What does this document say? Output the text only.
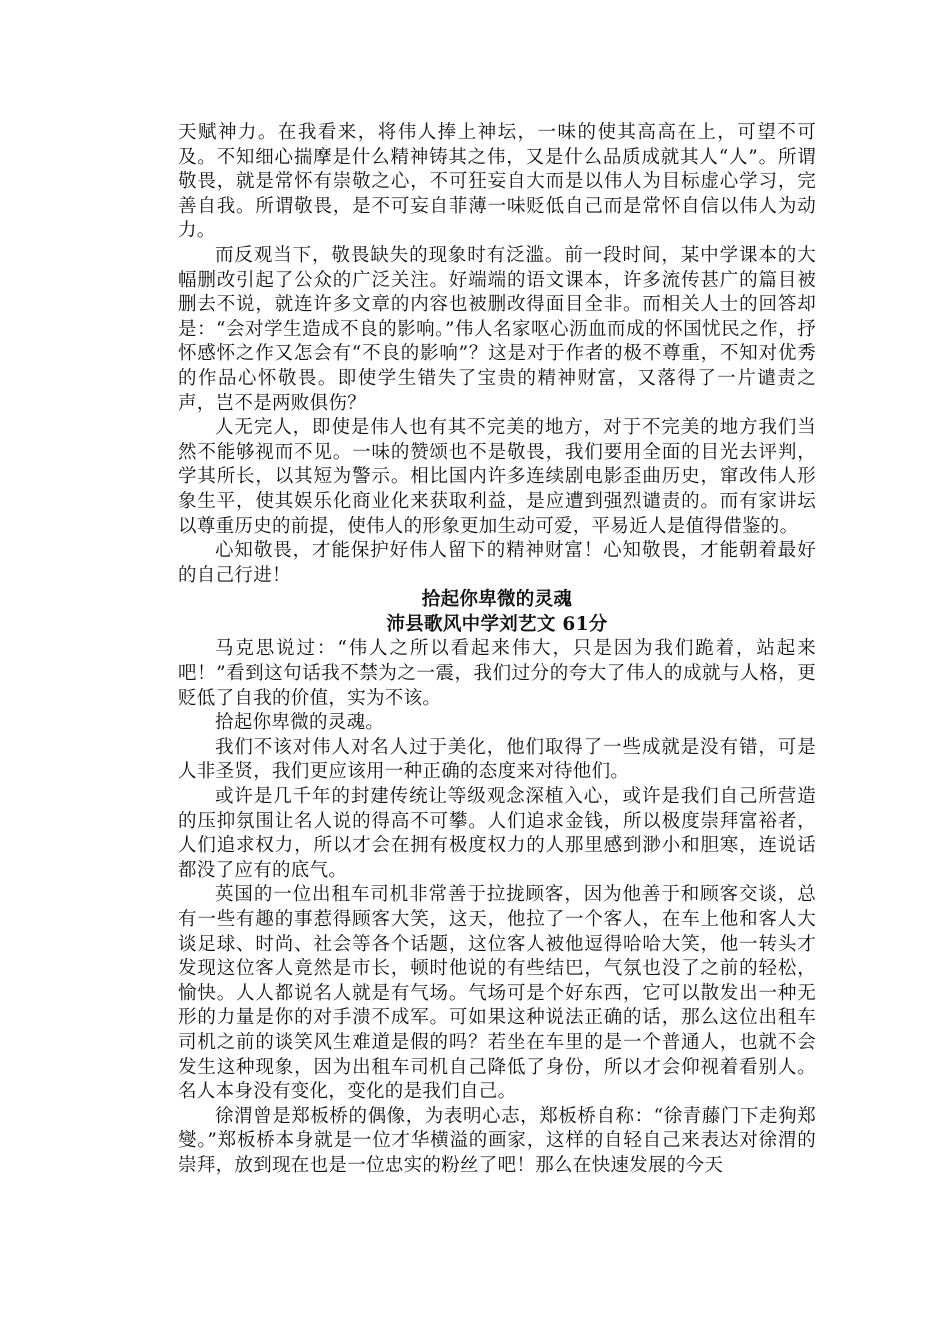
天赋神力。在我看来，将伟人捧上神坛，一味的使其高高在上，可望不可及。不知细心揣摩是什么精神铸其之伟，又是什么品质成就其人“人”。所谓敬畏，就是常怀有崇敬之心，不可狂妄自大而是以伟人为目标虚心学习，完善自我。所谓敬畏，是不可妄自菲薄一味贬低自己而是常怀自信以伟人为动力。

而反观当下，敬畏缺失的现象时有泛滥。前一段时间，某中学课本的大幅删改引起了公众的广泛关注。好端端的语文课本，许多流传甚广的篇目被删去不说，就连许多文章的内容也被删改得面目全非。而相关人士的回答却是：“会对学生造成不良的影响。”伟人名家呕心沥血而成的怀国忧民之作，抒怀感怀之作又怎会有“不良的影响”？这是对于作者的极不尊重，不知对优秀的作品心怀敬畏。即使学生错失了宝贵的精神财富，又落得了一片谴责之声，岂不是两败俱伤？

人无完人，即使是伟人也有其不完美的地方，对于不完美的地方我们当然不能够视而不见。一味的赞颂也不是敬畏，我们要用全面的目光去评判，学其所长，以其短为警示。相比国内许多连续剧电影歪曲历史，窜改伟人形象生平，使其娱乐化商业化来获取利益，是应遭到强烈谴责的。而有家讲坛以尊重历史的前提，使伟人的形象更加生动可爱，平易近人是值得借鉴的。

心知敬畏，才能保护好伟人留下的精神财富！心知敬畏，才能朝着最好的自己行进！

拾起你卑微的灵魂

沛县歌风中学刘艺文 61分

马克思说过：“伟人之所以看起来伟大，只是因为我们跪着，站起来吧！”看到这句话我不禁为之一震，我们过分的夸大了伟人的成就与人格，更贬低了自我的价值，实为不该。

拾起你卑微的灵魂。

我们不该对伟人对名人过于美化，他们取得了一些成就是没有错，可是人非圣贤，我们更应该用一种正确的态度来对待他们。

或许是几千年的封建传统让等级观念深植入心，或许是我们自己所营造的压抑氛围让名人说的得高不可攀。人们追求金钱，所以极度崇拜富裕者，人们追求权力，所以才会在拥有极度权力的人那里感到渺小和胆寒，连说话都没了应有的底气。

英国的一位出租车司机非常善于拉拢顾客，因为他善于和顾客交谈，总有一些有趣的事惹得顾客大笑，这天，他拉了一个客人，在车上他和客人大谈足球、时尚、社会等各个话题，这位客人被他逗得哈哈大笑，他一转头才发现这位客人竟然是市长，顿时他说的有些结巴，气氛也没了之前的轻松，愉快。人人都说名人就是有气场。气场可是个好东西，它可以散发出一种无形的力量是你的对手溃不成军。可如果这种说法正确的话，那么这位出租车司机之前的谈笑风生难道是假的吗？若坐在车里的是一个普通人，也就不会发生这种现象，因为出租车司机自己降低了身份，所以才会仰视着看别人。名人本身没有变化，变化的是我们自己。

徐渭曾是郑板桥的偶像，为表明心志，郑板桥自称：“徐青藤门下走狗郑燮。”郑板桥本身就是一位才华横溢的画家，这样的自轻自己来表达对徐渭的崇拜，放到现在也是一位忠实的粉丝了吧！那么在快速发展的今天
